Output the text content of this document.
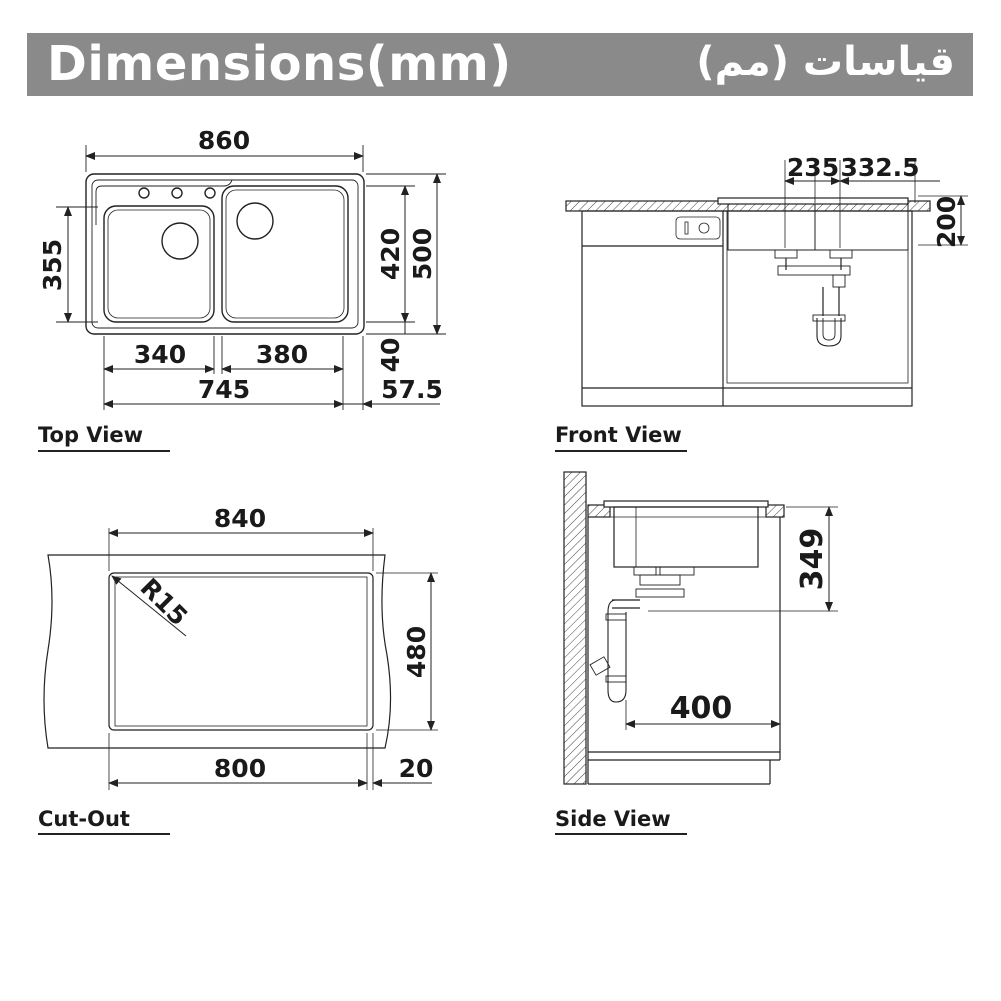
Dimensions(mm)	قياسات (مم)
860
355	420 500
40
340	380
745	57.5
Top View
235 332.5
200
Front View
840
R15
480
800	20
Cut-Out
349
400
Side View
